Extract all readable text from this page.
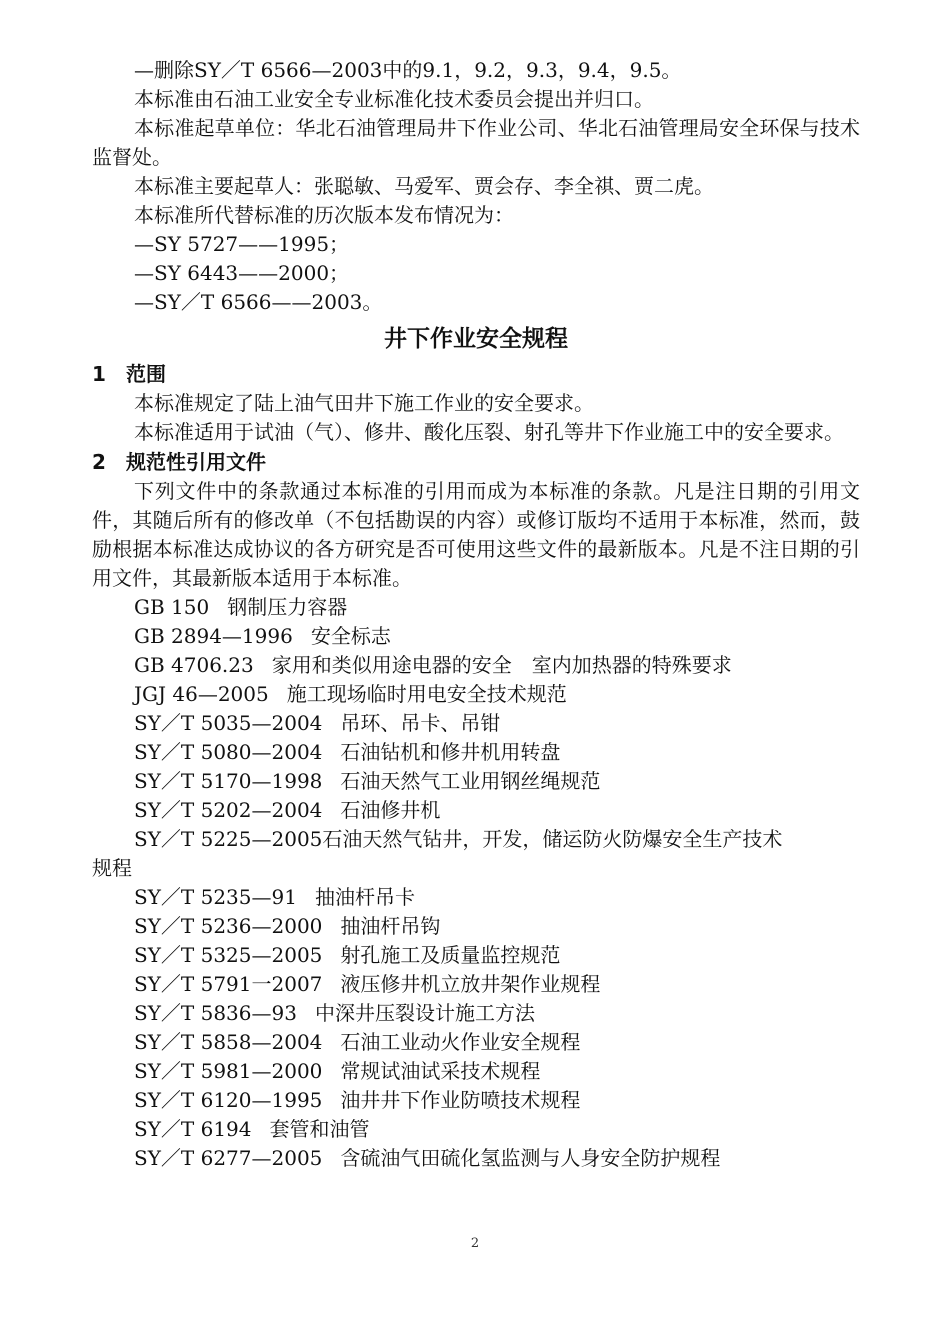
—删除SY／T 6566—2003中的9.1，9.2，9.3，9.4，9.5。

本标准由石油工业安全专业标准化技术委员会提出并归口。

本标准起草单位：华北石油管理局井下作业公司、华北石油管理局安全环保与技术监督处。

本标准主要起草人：张聪敏、马爱军、贾会存、李全祺、贾二虎。

本标准所代替标准的历次版本发布情况为：

—SY 5727——1995；

—SY 6443——2000；

—SY／T 6566——2003。

井下作业安全规程
1 范围

本标准规定了陆上油气田井下施工作业的安全要求。

本标准适用于试油（气）、修井、酸化压裂、射孔等井下作业施工中的安全要求。

2 规范性引用文件

下列文件中的条款通过本标准的引用而成为本标准的条款。凡是注日期的引用文件，其随后所有的修改单（不包括勘误的内容）或修订版均不适用于本标准，然而，鼓励根据本标准达成协议的各方研究是否可使用这些文件的最新版本。凡是不注日期的引用文件，其最新版本适用于本标准。

GB 150 钢制压力容器

GB 2894—1996 安全标志

GB 4706.23 家用和类似用途电器的安全　室内加热器的特殊要求

JGJ 46—2005 施工现场临时用电安全技术规范

SY／T 5035—2004 吊环、吊卡、吊钳

SY／T 5080—2004 石油钻机和修井机用转盘

SY／T 5170—1998 石油天然气工业用钢丝绳规范

SY／T 5202—2004 石油修井机

SY／T 5225—2005石油天然气钻井，开发，储运防火防爆安全生产技术
规程

SY／T 5235—91 抽油杆吊卡

SY／T 5236—2000 抽油杆吊钩

SY／T 5325—2005 射孔施工及质量监控规范

SY／T 5791一2007 液压修井机立放井架作业规程

SY／T 5836—93 中深井压裂设计施工方法

SY／T 5858—2004 石油工业动火作业安全规程

SY／T 5981—2000 常规试油试采技术规程

SY／T 6120—1995 油井井下作业防喷技术规程

SY／T 6194 套管和油管

SY／T 6277—2005 含硫油气田硫化氢监测与人身安全防护规程

2
